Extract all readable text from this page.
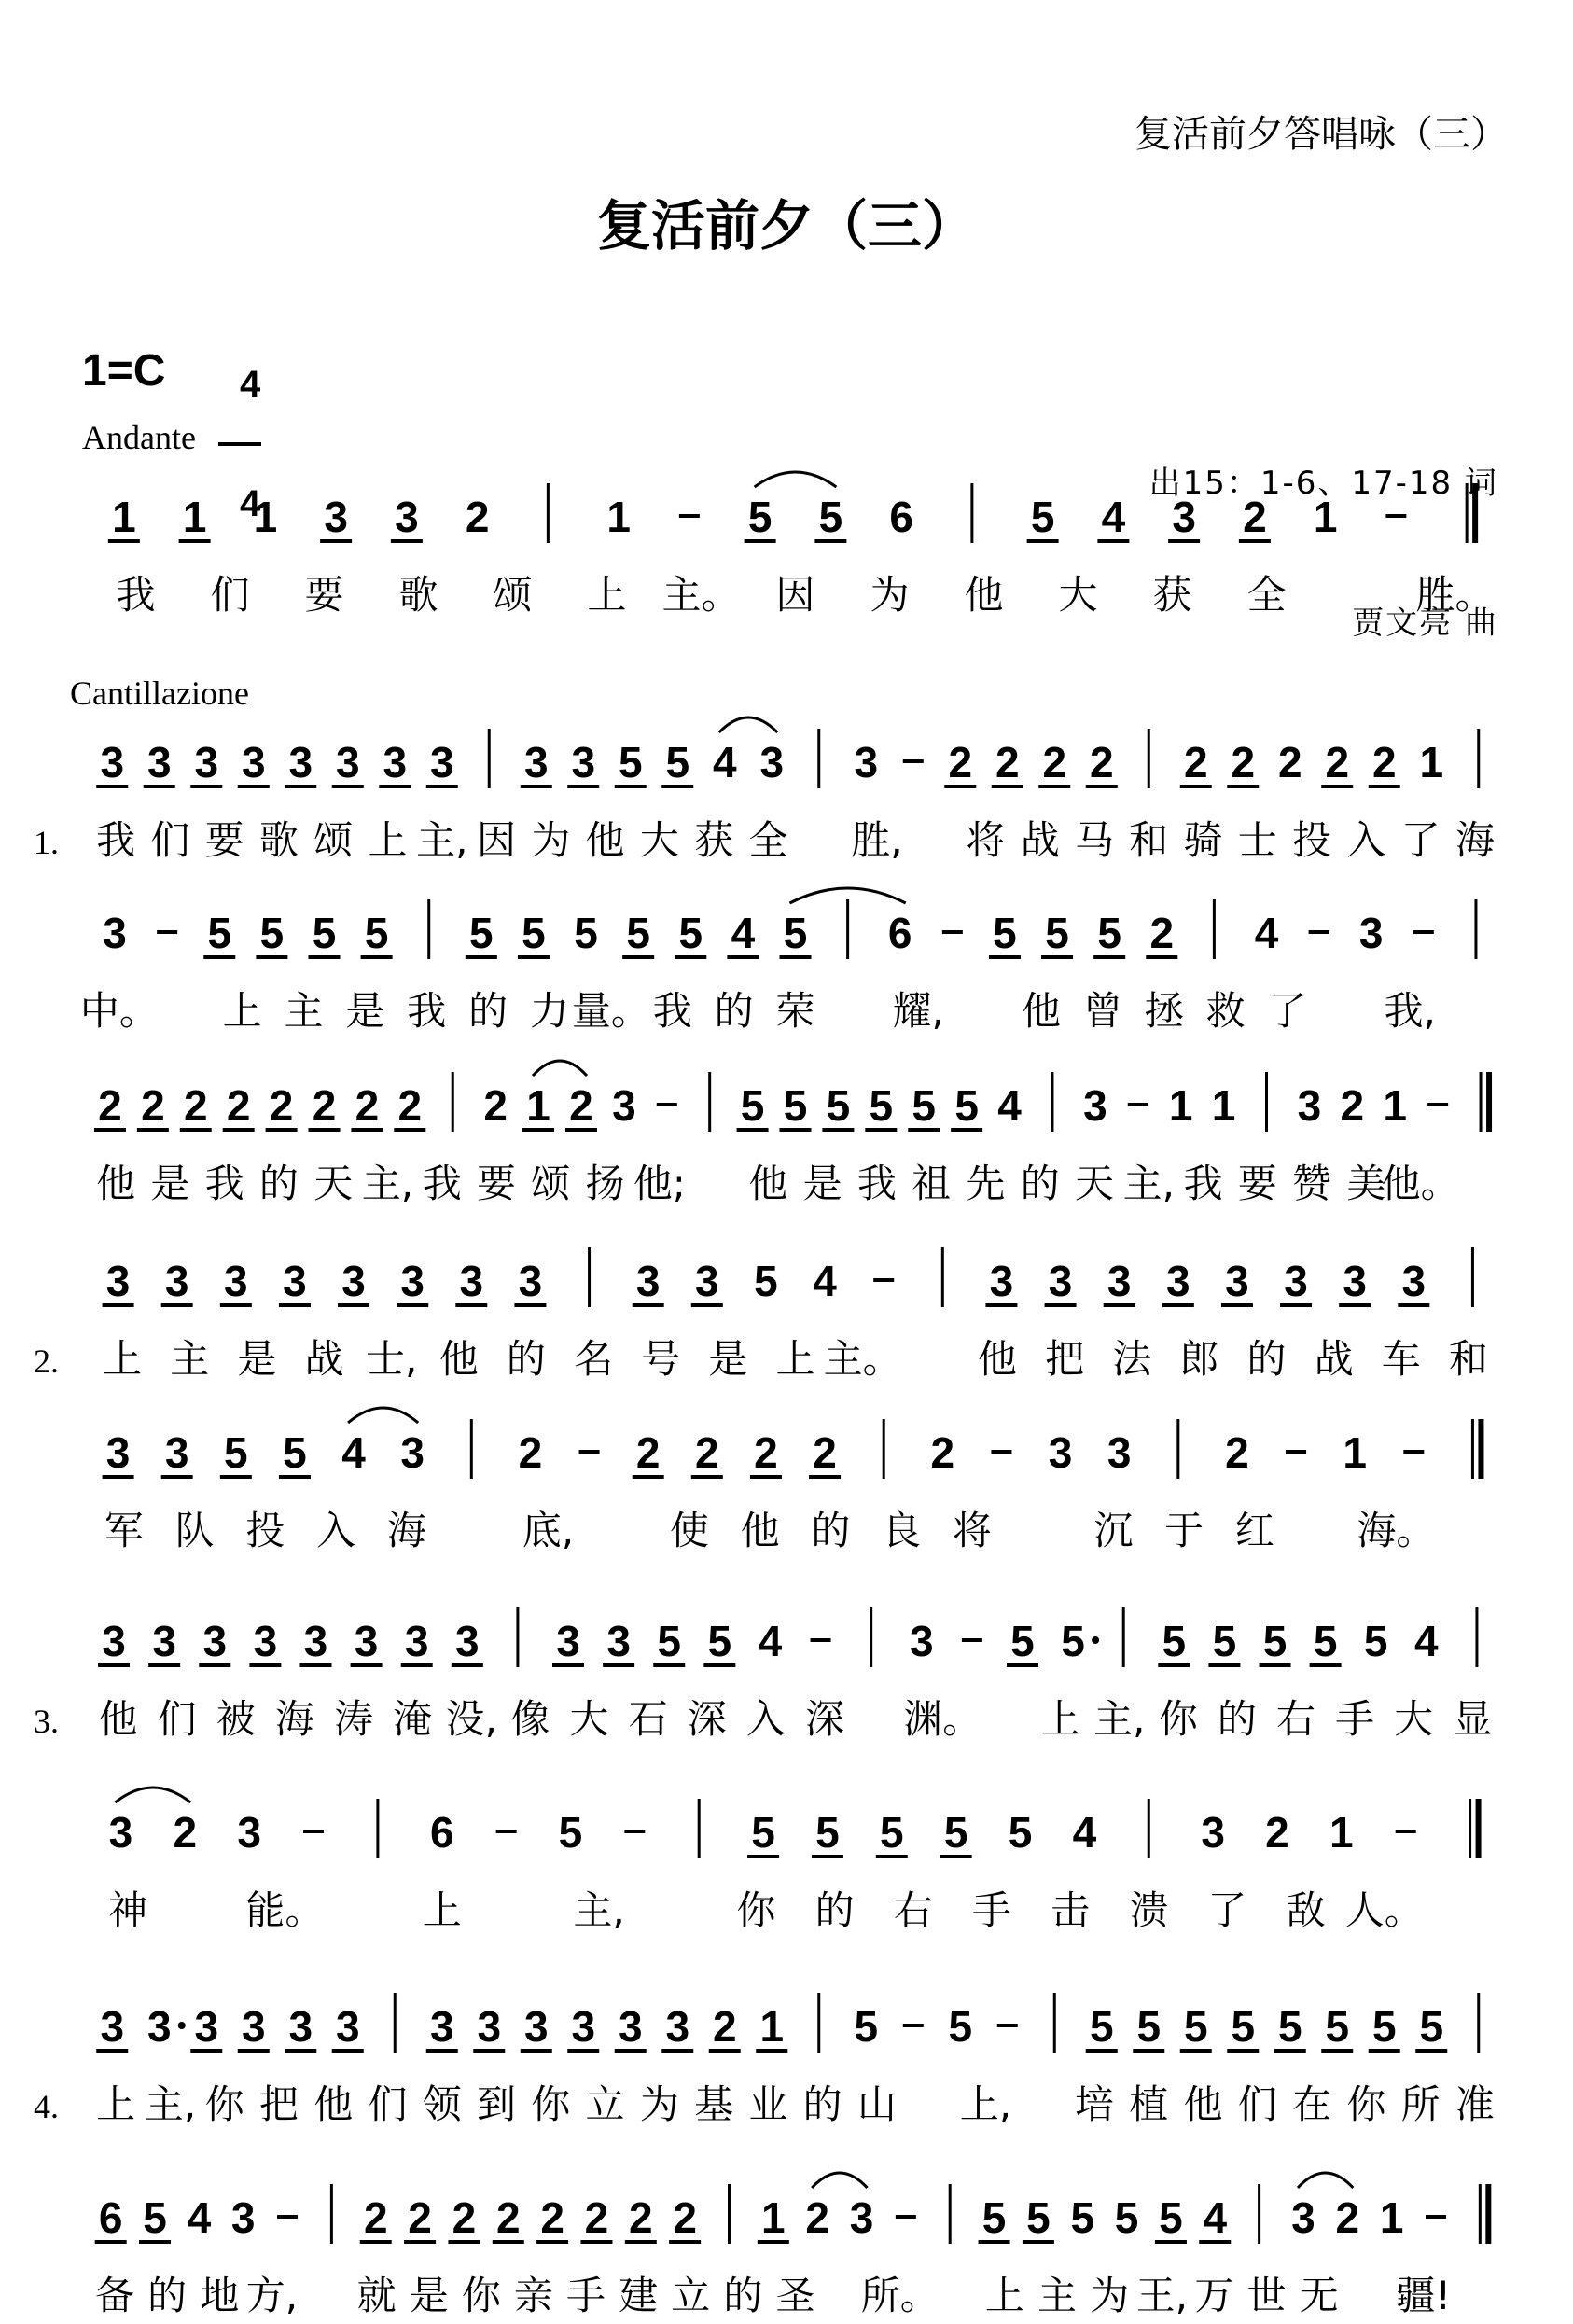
复活前夕答唱咏（三）
复活前夕（三）
1=C	4

4

Andante

出15：1-6、17-18 词

贾文亮 曲

Cantillazione
1 1 1 3 3 2	1	5 5 6	5 4 3 2 1
我 们 要 歌 颂 上 主。 因 为 他 大 获 全	胜。
3 3 3 3 3 3 3 3 3 3 5 5 4 3 3 2 2 2 2 2 2 2 2 2 1
我 们 要 歌 颂 上 主, 因 为 他 大 获 全 胜, 将 战 马 和 骑 士 投 入 了 海
1.
3 5 5 5 5 5 5 5 5 5 4 5 6 5 5 5 2 4 3
中。 上 主 是 我 的 力 量。 我 的 荣 耀, 他 曾 拯 救 了 我,
2 2 2 2 2 2 2 2 2 1 2 3 5 5 5 5 5 5 4 3 1 1 3 2 1
他 是 我 的 天 主, 我 要 颂 扬 他; 他 是 我 祖 先 的 天 主, 我 要 赞 美
他。
3 3 3 3 3 3 3 3 3 3 5 4	3 3 3 3 3 3 3 3
上 主 是 战 士, 他 的 名 号 是 上 主。 他 把 法 郎 的 战 车 和
2.
3 3 5 5 4 3 2 2 2 2 2 2 3 3 2 1
军 队 投 入 海 底, 使 他 的 良 将	沉 于 红 海。
3 3 3 3 3 3 3 3 3 3 5 5 4	3 5 5 5 5 5 5 5 4
他 们 被 海 涛 淹 没, 像 大 石 深 入 深 渊。 上 主, 你 的 右 手 大 显
3.
3 2 3	6 5	5 5 5 5 5 4 3 2 1
神	能。	上	主,	你 的 右 手 击 溃 了 敌 人。
3 3 3 3 3 3 3 3 3 3 3 3 2 1 5 5	5 5 5 5 5 5 5 5
上 主, 你 把 他 们 领 到 你 立 为 基 业 的 山 上, 培 植 他 们 在 你 所 准
4.
6 5 4 3	2 2 2 2 2 2 2 2 1 2 3	5 5 5 5 5 4 3 2 1
备 的 地 方, 就 是 你 亲 手 建 立 的 圣 所。 上 主 为 王, 万 世 无 疆!
